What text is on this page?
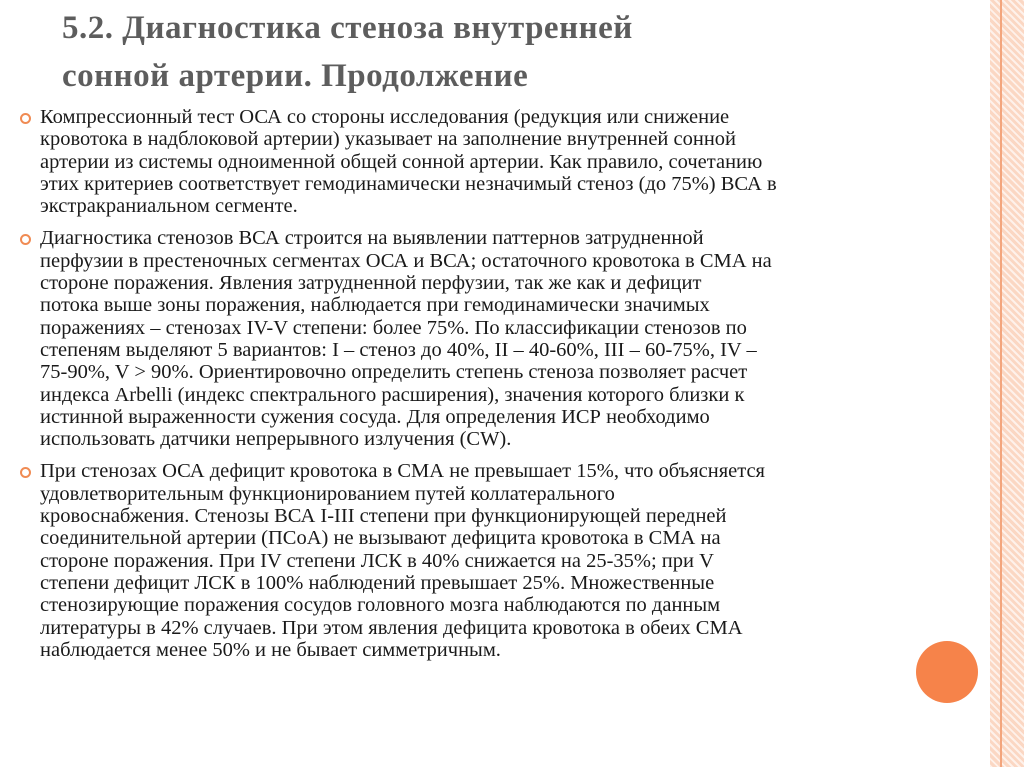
5.2. Диагностика стеноза внутренней
сонной артерии. Продолжение

Компрессионный тест ОСА со стороны исследования (редукция или снижение
кровотока в надблоковой артерии) указывает на заполнение внутренней сонной
артерии из системы одноименной общей сонной артерии. Как правило, сочетанию
этих критериев соответствует гемодинамически незначимый стеноз (до 75%) ВСА в
экстракраниальном сегменте.

Диагностика стенозов ВСА строится на выявлении паттернов затрудненной
перфузии в престеночных сегментах ОСА и ВСА; остаточного кровотока в СМА на
стороне поражения. Явления затрудненной перфузии, так же как и дефицит
потока выше зоны поражения, наблюдается при гемодинамически значимых
поражениях – стенозах IV-V степени: более 75%. По классификации стенозов по
степеням выделяют 5 вариантов: I – стеноз до 40%, II – 40-60%, III – 60-75%, IV –
75-90%, V > 90%. Ориентировочно определить степень стеноза позволяет расчет
индекса Arbelli (индекс спектрального расширения), значения которого близки к
истинной выраженности сужения сосуда. Для определения ИСР необходимо
использовать датчики непрерывного излучения (CW).

При стенозах ОСА дефицит кровотока в СМА не превышает 15%, что объясняется
удовлетворительным функционированием путей коллатерального
кровоснабжения. Стенозы ВСА I-III степени при функционирующей передней
соединительной артерии (ПСоА) не вызывают дефицита кровотока в СМА на
стороне поражения. При IV степени ЛСК в 40% снижается на 25-35%; при V
степени дефицит ЛСК в 100% наблюдений превышает 25%. Множественные
стенозирующие поражения сосудов головного мозга наблюдаются по данным
литературы в 42% случаев. При этом явления дефицита кровотока в обеих СМА
наблюдается менее 50% и не бывает симметричным.
